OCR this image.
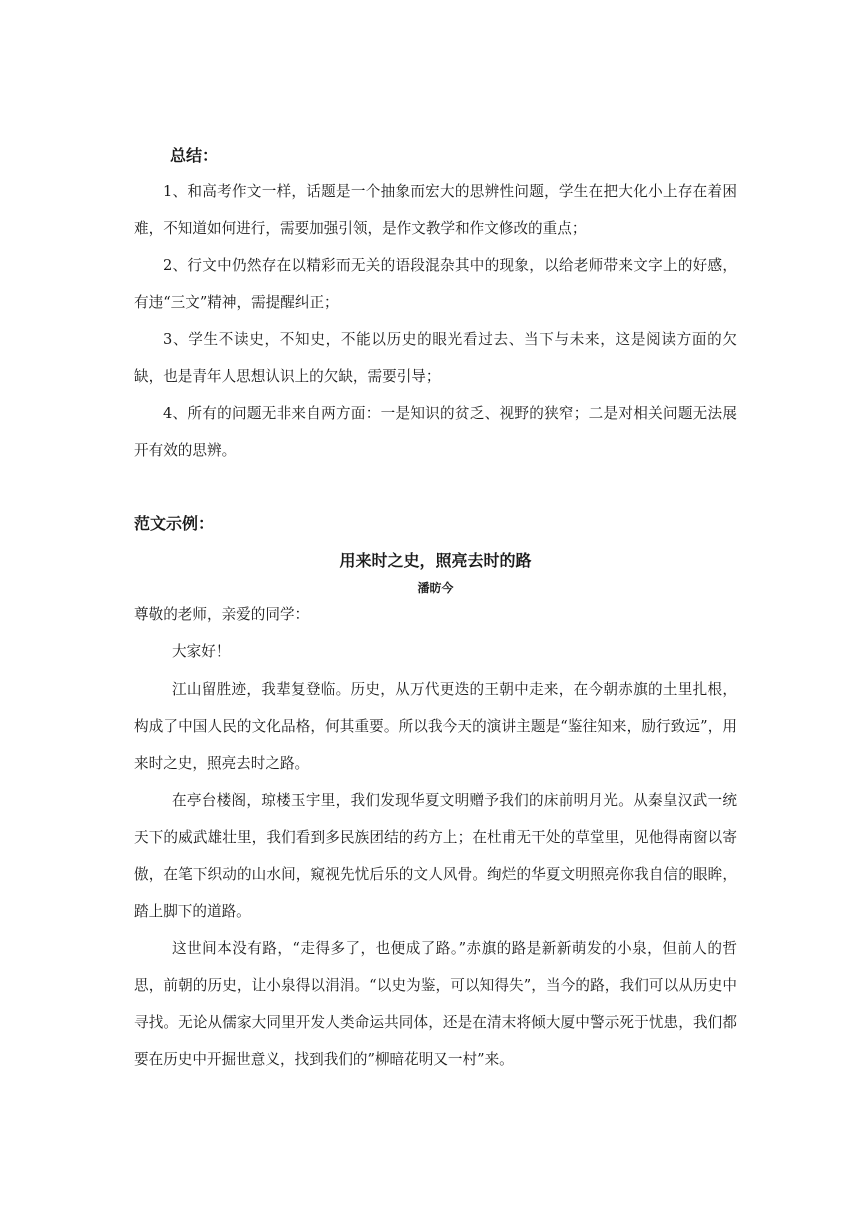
总结：

1、和高考作文一样，话题是一个抽象而宏大的思辨性问题，学生在把大化小上存在着困难，不知道如何进行，需要加强引领，是作文教学和作文修改的重点；

2、行文中仍然存在以精彩而无关的语段混杂其中的现象，以给老师带来文字上的好感，有违“三文”精神，需提醒纠正；

3、学生不读史，不知史，不能以历史的眼光看过去、当下与未来，这是阅读方面的欠缺，也是青年人思想认识上的欠缺，需要引导；

4、所有的问题无非来自两方面：一是知识的贫乏、视野的狭窄；二是对相关问题无法展开有效的思辨。

范文示例：
用来时之史，照亮去时的路
潘昉今
尊敬的老师，亲爱的同学：
大家好！

江山留胜迹，我辈复登临。历史，从万代更迭的王朝中走来，在今朝赤旗的土里扎根，构成了中国人民的文化品格，何其重要。所以我今天的演讲主题是“鉴往知来，励行致远”，用来时之史，照亮去时之路。

在亭台楼阁，琼楼玉宇里，我们发现华夏文明赠予我们的床前明月光。从秦皇汉武一统天下的威武雄壮里，我们看到多民族团结的药方上；在杜甫无干处的草堂里，见他得南窗以寄傲，在笔下织动的山水间，窥视先忧后乐的文人风骨。绚烂的华夏文明照亮你我自信的眼眸，踏上脚下的道路。

这世间本没有路，“走得多了，也便成了路。”赤旗的路是新新萌发的小泉，但前人的哲思，前朝的历史，让小泉得以涓涓。“以史为鉴，可以知得失”，当今的路，我们可以从历史中寻找。无论从儒家大同里开发人类命运共同体，还是在清末将倾大厦中警示死于忧患，我们都要在历史中开掘世意义，找到我们的”柳暗花明又一村”来。
